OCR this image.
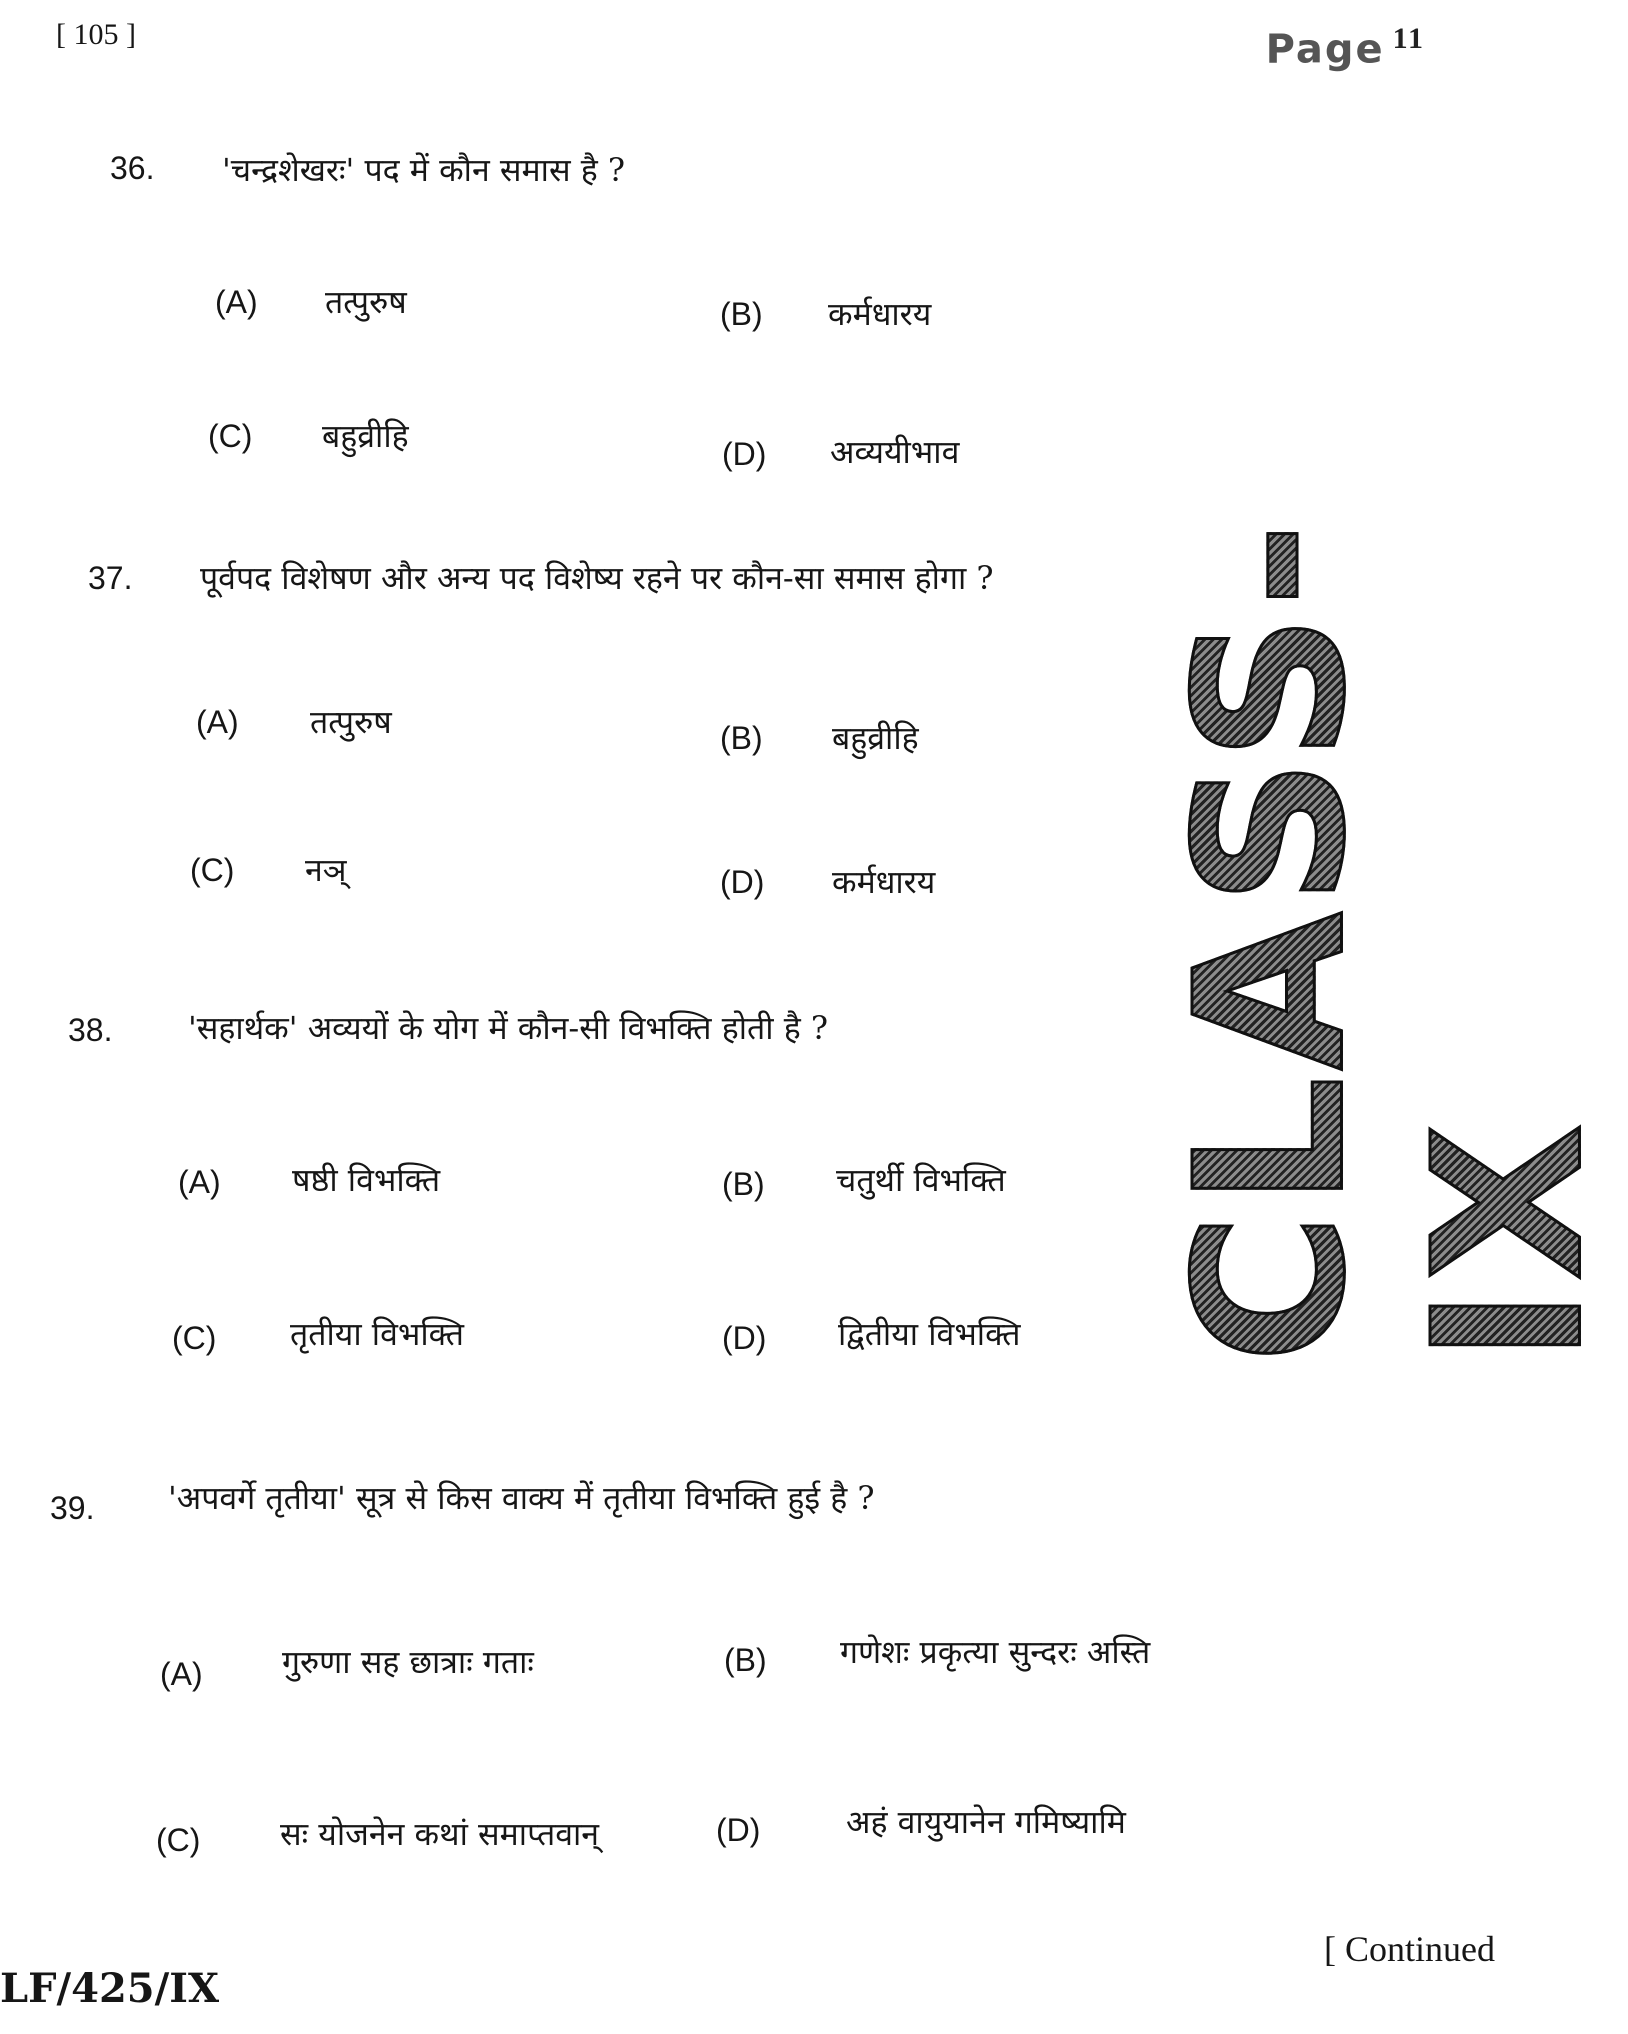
[ 105 ]	Page $^{11}$
CLASS-IX
36. 'चन्द्रशेखरः' पद में कौन समास है ?
(A) तत्पुरुष	(B) कर्मधारय
(C) बहुव्रीहि	(D) अव्ययीभाव
37. पूर्वपद विशेषण और अन्य पद विशेष्य रहने पर कौन-सा समास होगा ?
(A) तत्पुरुष	(B) बहुव्रीहि
(C) नञ्	(D) कर्मधारय
38. 'सहार्थक' अव्ययों के योग में कौन-सी विभक्ति होती है ?
(A) षष्ठी विभक्ति	(B) चतुर्थी विभक्ति
(C) तृतीया विभक्ति	(D) द्वितीया विभक्ति
39. 'अपवर्गे तृतीया' सूत्र से किस वाक्य में तृतीया विभक्ति हुई है ?
(A) गुरुणा सह छात्राः गताः	(B) गणेशः प्रकृत्या सुन्दरः अस्ति
(C) सः योजनेन कथां समाप्तवान्	(D)	अहं वायुयानेन गमिष्यामि
LF/425/IX
[ Continued
